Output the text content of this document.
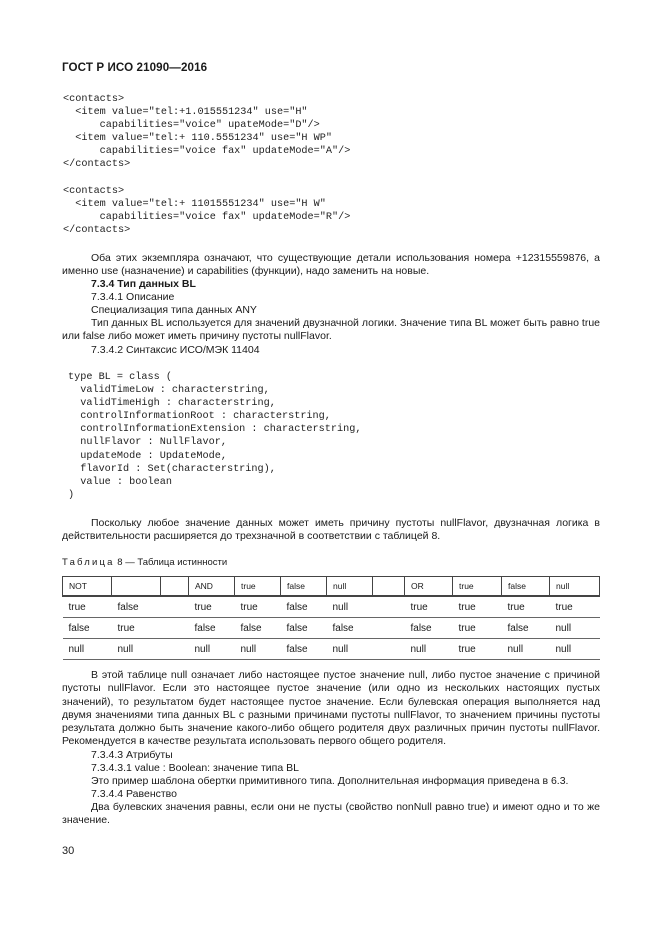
ГОСТ Р ИСО 21090—2016
<contacts>
<item value="tel:+1.015551234" use="H"
capabilities="voice" upateMode="D"/>
<item value="tel:+ 110.5551234" use="H WP"
capabilities="voice fax" updateMode="A"/>
</contacts>
<contacts>
<item value="tel:+ 11015551234" use="H W"
capabilities="voice fax" updateMode="R"/>
</contacts>
Оба этих экземпляра означают, что существующие детали использования номера +12315559876, а именно use (назначение) и capabilities (функции), надо заменить на новые.
7.3.4 Тип данных BL
7.3.4.1 Описание
Специализация типа данных ANY
Тип данных BL используется для значений двузначной логики. Значение типа BL может быть равно true или false либо может иметь причину пустоты nullFlavor.
7.3.4.2 Синтаксис ИСО/МЭК 11404
type BL = class (
validTimeLow : characterstring,
validTimeHigh : characterstring,
controlInformationRoot : characterstring,
controlInformationExtension : characterstring,
nullFlavor : NullFlavor,
updateMode : UpdateMode,
flavorId : Set(characterstring),
value : boolean
)
Поскольку любое значение данных может иметь причину пустоты nullFlavor, двузначная логика в действительности расширяется до трехзначной в соответствии с таблицей 8.
Таблица 8 — Таблица истинности
NOT			AND	true	false	null		OR	true	false	null
true	false		true	true	false	null		true	true	true	true
false	true		false	false	false	false		false	true	false	null
null	null		null	null	false	null		null	true	null	null
В этой таблице null означает либо настоящее пустое значение null, либо пустое значение с причиной пустоты nullFlavor. Если это настоящее пустое значение (или одно из нескольких настоящих пустых значений), то результатом будет настоящее пустое значение. Если булевская операция выполняется над двумя значениями типа данных BL с разными причинами пустоты nullFlavor, то значением причины пустоты результата должно быть значение какого-либо общего родителя двух различных причин пустоты nullFlavor. Рекомендуется в качестве результата использовать первого общего родителя.
7.3.4.3 Атрибуты
7.3.4.3.1 value : Boolean: значение типа BL
Это пример шаблона обертки примитивного типа. Дополнительная информация приведена в 6.3.
7.3.4.4 Равенство
Два булевских значения равны, если они не пусты (свойство nonNull равно true) и имеют одно и то же значение.
30
